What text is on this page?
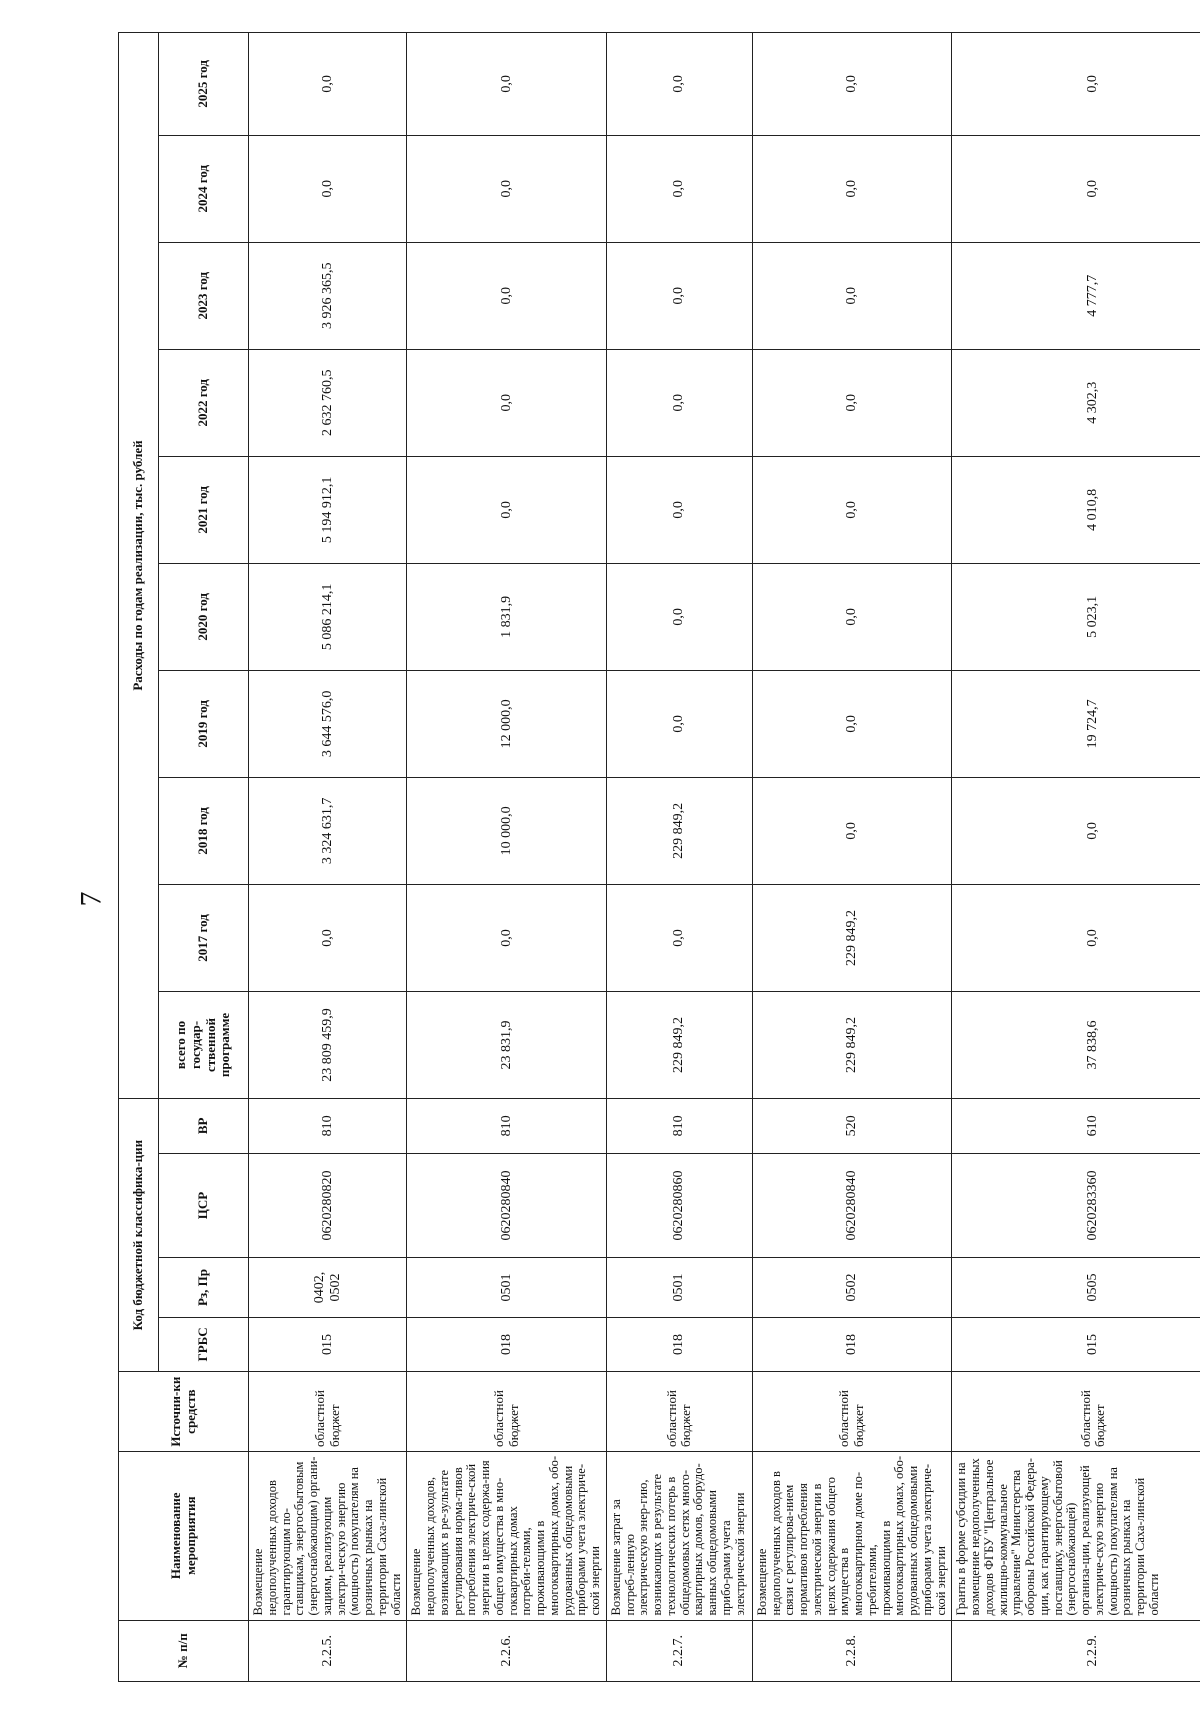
7
№ п/п	Наименование мероприятия	Источни-ки средств	Код бюджетной классифика-ции				Расходы по годам реализации, тыс. рублей									
			ГРБС	Рз, Пр	ЦСР	ВР	всего по государ-ственной программе	2017 год	2018 год	2019 год	2020 год	2021 год	2022 год	2023 год	2024 год	2025 год

2.2.5.	Возмещение недополученных доходов гарантирующим по-ставщикам, энергосбытовым (энергоснабжающим) органи-зациям, реализующим электри-ческую энергию (мощность) покупателям на розничных рынках на территории Саха-линской области	областной бюджет	015	0402, 0502	0620280820	810	23 809 459,9	0,0	3 324 631,7	3 644 576,0	5 086 214,1	5 194 912,1	2 632 760,5	3 926 365,5	0,0	0,0
2.2.6.	Возмещение недополученных доходов, возникающих в ре-зультате регулирования норма-тивов потребления электриче-ской энергии в целях содержа-ния общего имущества в мно-гоквартирных домах потреби-телями, проживающими в многоквартирных домах, обо-рудованных общедомовыми приборами учета электриче-ской энергии	областной бюджет	018	0501	0620280840	810	23 831,9	0,0	10 000,0	12 000,0	1 831,9	0,0	0,0	0,0	0,0	0,0
2.2.7.	Возмещение затрат за потреб-ленную электрическую энер-гию, возникающих в результате технологических потерь в общедомовых сетях много-квартирных домов, оборудо-ванных общедомовыми прибо-рами учета электрической энергии	областной бюджет	018	0501	0620280860	810	229 849,2	0,0	229 849,2	0,0	0,0	0,0	0,0	0,0	0,0	0,0
2.2.8.	Возмещение недополученных доходов в связи с регулирова-нием нормативов потребления электрической энергии в целях содержания общего имущества в многоквартирном доме по-требителями, проживающими в многоквартирных домах, обо-рудованных общедомовыми приборами учета электриче-ской энергии	областной бюджет	018	0502	0620280840	520	229 849,2	229 849,2	0,0	0,0	0,0	0,0	0,0	0,0	0,0	0,0
2.2.9.	Гранты в форме субсидии на возмещение недополученных доходов ФГБУ "Центральное жилищно-коммунальное управление" Министерства обороны Российской Федера-ции, как гарантирующему поставщику, энергосбытовой (энергоснабжающей) организа-ции, реализующей электриче-скую энергию (мощность) покупателям на розничных рынках на территории Саха-линской области	областной бюджет	015	0505	0620283360	610	37 838,6	0,0	0,0	19 724,7	5 023,1	4 010,8	4 302,3	4 777,7	0,0	0,0
